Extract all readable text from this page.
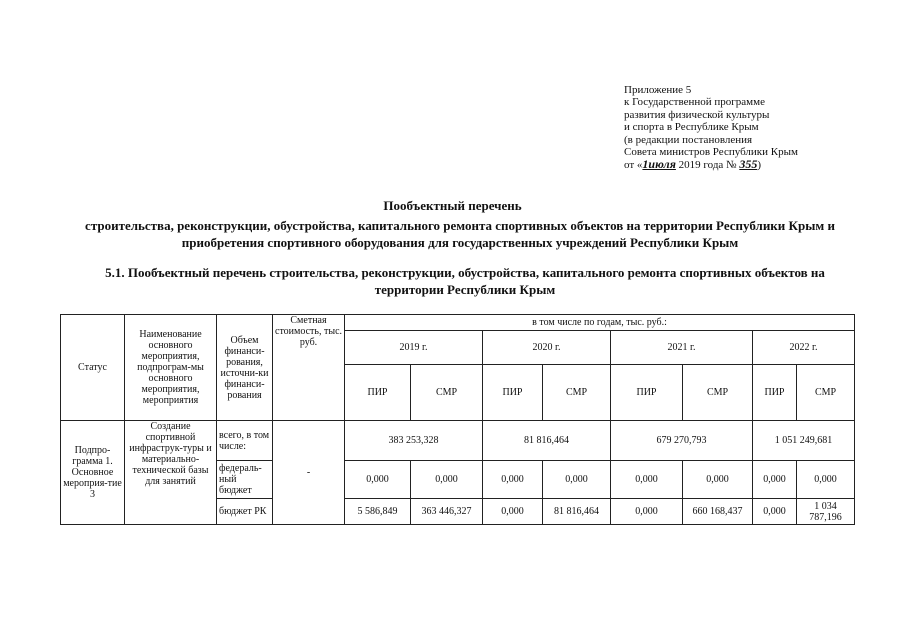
Приложение 5
к Государственной программе
развития физической культуры
и спорта в Республике Крым
(в редакции постановления
Совета министров Республики Крым
от «1июля 2019 года № 355)
Пообъектный перечень
строительства, реконструкции, обустройства, капитального ремонта спортивных объектов на территории Республики Крым и приобретения спортивного оборудования для государственных учреждений Республики Крым
5.1. Пообъектный перечень строительства, реконструкции, обустройства, капитального ремонта спортивных объектов на территории Республики Крым
Статус	Наименование основного мероприятия, подпрограм-мы основного мероприятия, мероприятия	Объем финанси-рования, источни-ки финанси-рования	Сметная стоимость, тыс. руб.	в том числе по годам, тыс. руб.:							
				2019 г.		2020 г.		2021 г.		2022 г.	
				ПИР	СМР	ПИР	СМР	ПИР	СМР	ПИР	СМР
Подпро-грамма 1. Основное мероприя-тие 3	Создание спортивной инфраструк-туры и материально-технической базы для занятий	всего, в том числе:	-	383 253,328		81 816,464		679 270,793		1 051 249,681	
		федераль-ный бюджет		0,000	0,000	0,000	0,000	0,000	0,000	0,000	0,000
		бюджет РК		5 586,849	363 446,327	0,000	81 816,464	0,000	660 168,437	0,000	1 034 787,196
